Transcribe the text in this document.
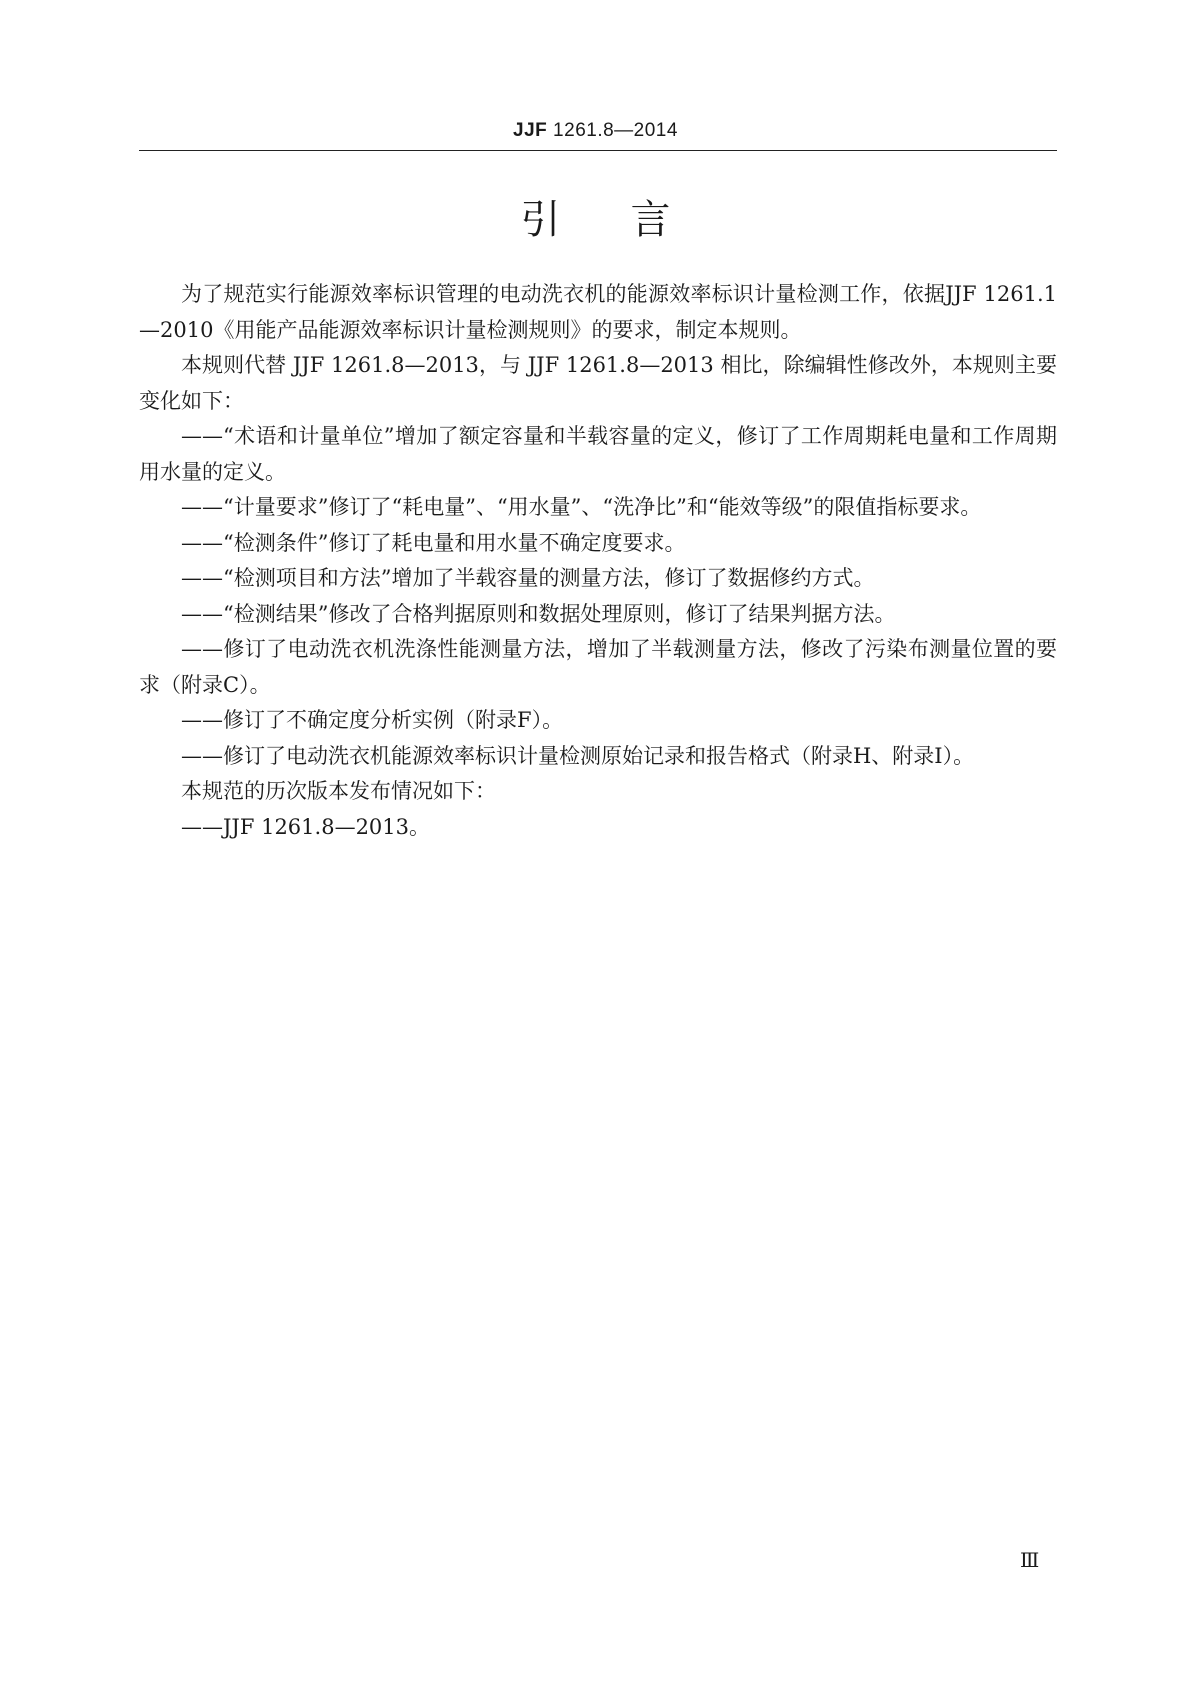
JJF 1261.8—2014
引言

为了规范实行能源效率标识管理的电动洗衣机的能源效率标识计量检测工作，依据JJF 1261.1—2010《用能产品能源效率标识计量检测规则》的要求，制定本规则。

本规则代替 JJF 1261.8—2013，与 JJF 1261.8—2013 相比，除编辑性修改外，本规则主要变化如下：

——“术语和计量单位”增加了额定容量和半载容量的定义，修订了工作周期耗电量和工作周期用水量的定义。

——“计量要求”修订了“耗电量”、“用水量”、“洗净比”和“能效等级”的限值指标要求。

——“检测条件”修订了耗电量和用水量不确定度要求。

——“检测项目和方法”增加了半载容量的测量方法，修订了数据修约方式。

——“检测结果”修改了合格判据原则和数据处理原则，修订了结果判据方法。

——修订了电动洗衣机洗涤性能测量方法，增加了半载测量方法，修改了污染布测量位置的要求（附录C）。

——修订了不确定度分析实例（附录F）。

——修订了电动洗衣机能源效率标识计量检测原始记录和报告格式（附录H、附录I）。

本规范的历次版本发布情况如下：

——JJF 1261.8—2013。

Ⅲ
